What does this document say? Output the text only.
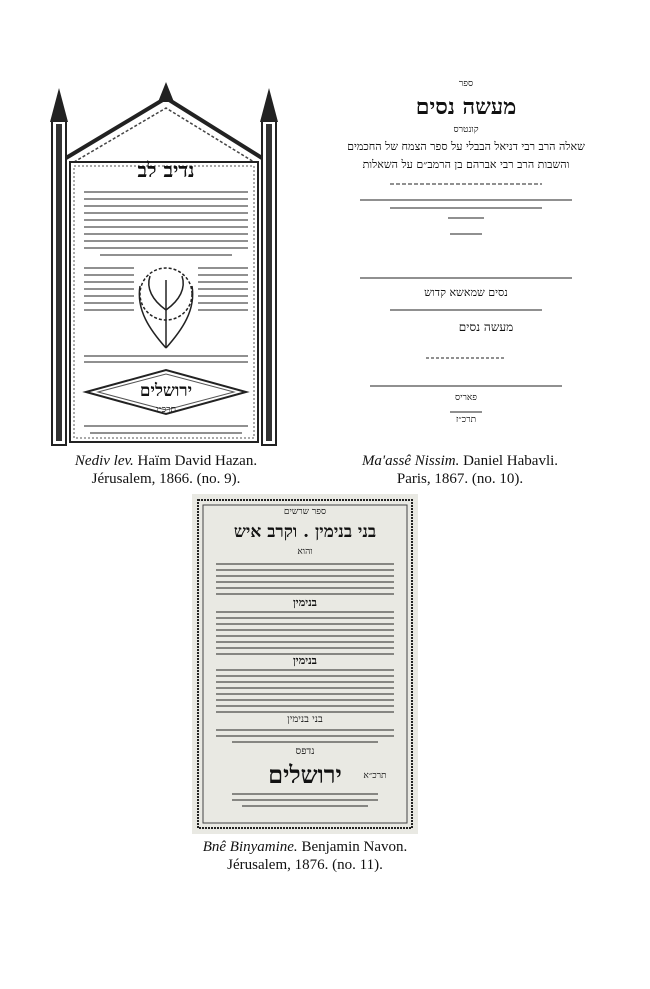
נדיב לב
ירושלים
תרכ״ו
Nediv lev. Haïm David Hazan.
Jérusalem, 1866. (no. 9).
ספר
מעשה נסים
קונטרס
שאלה הרב רבי דניאל הבבלי על ספר הצמח של החכמים
והשבות הרב רבי אברהם בן הרמב״ם על השאלות
נסים שמאשא קדוש
מעשה נסים
פאריס
תרכ״ז
Ma'assê Nissim. Daniel Habavli.
Paris, 1867. (no. 10).
ספר שרשים
בני בנימין . וקרב איש
והוא
בנימין
בנימין
בני בנימין
נדפס
ירושלים	תרכ״א
Bnê Binyamine. Benjamin Navon.
Jérusalem, 1876. (no. 11).
